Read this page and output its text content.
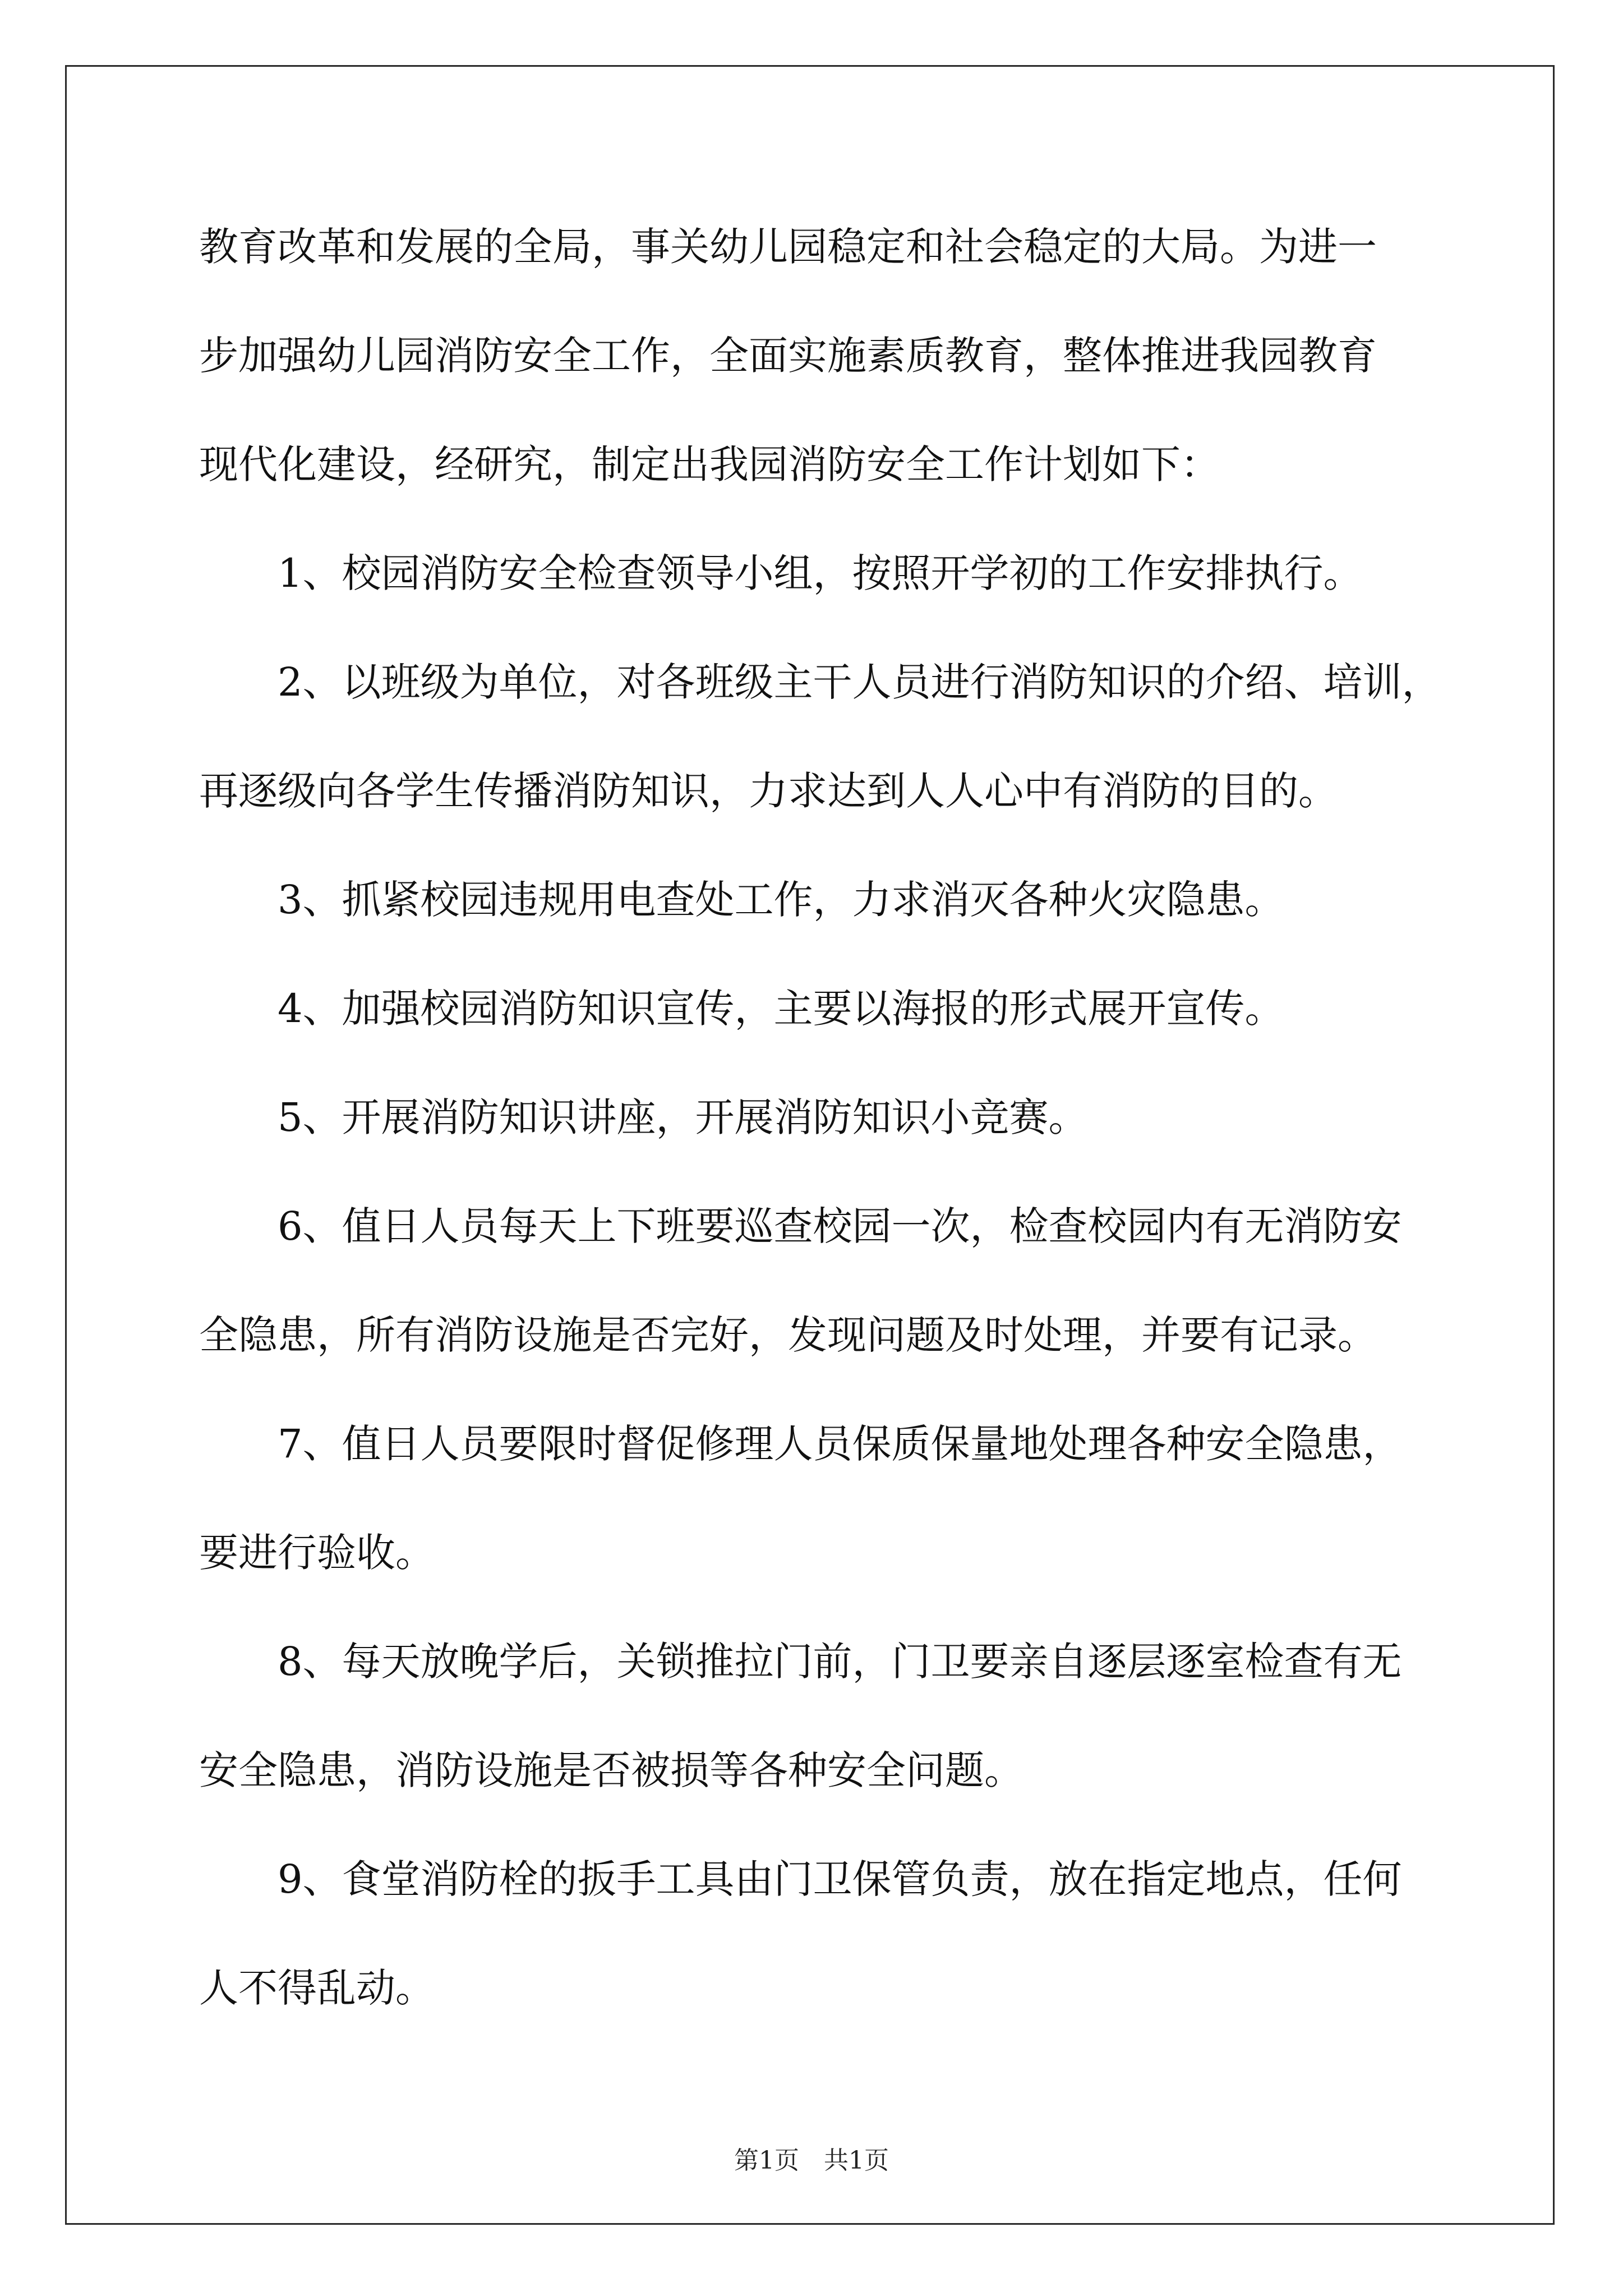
教育改革和发展的全局，事关幼儿园稳定和社会稳定的大局。为进一
步加强幼儿园消防安全工作，全面实施素质教育，整体推进我园教育
现代化建设，经研究，制定出我园消防安全工作计划如下：
1、校园消防安全检查领导小组，按照开学初的工作安排执行。
2、以班级为单位，对各班级主干人员进行消防知识的介绍、培训，
再逐级向各学生传播消防知识，力求达到人人心中有消防的目的。
3、抓紧校园违规用电查处工作，力求消灭各种火灾隐患。
4、加强校园消防知识宣传，主要以海报的形式展开宣传。
5、开展消防知识讲座，开展消防知识小竞赛。
6、值日人员每天上下班要巡查校园一次，检查校园内有无消防安
全隐患，所有消防设施是否完好，发现问题及时处理，并要有记录。
7、值日人员要限时督促修理人员保质保量地处理各种安全隐患，
要进行验收。
8、每天放晚学后，关锁推拉门前，门卫要亲自逐层逐室检查有无
安全隐患，消防设施是否被损等各种安全问题。
9、食堂消防栓的扳手工具由门卫保管负责，放在指定地点，任何
人不得乱动。
第1页　共1页
